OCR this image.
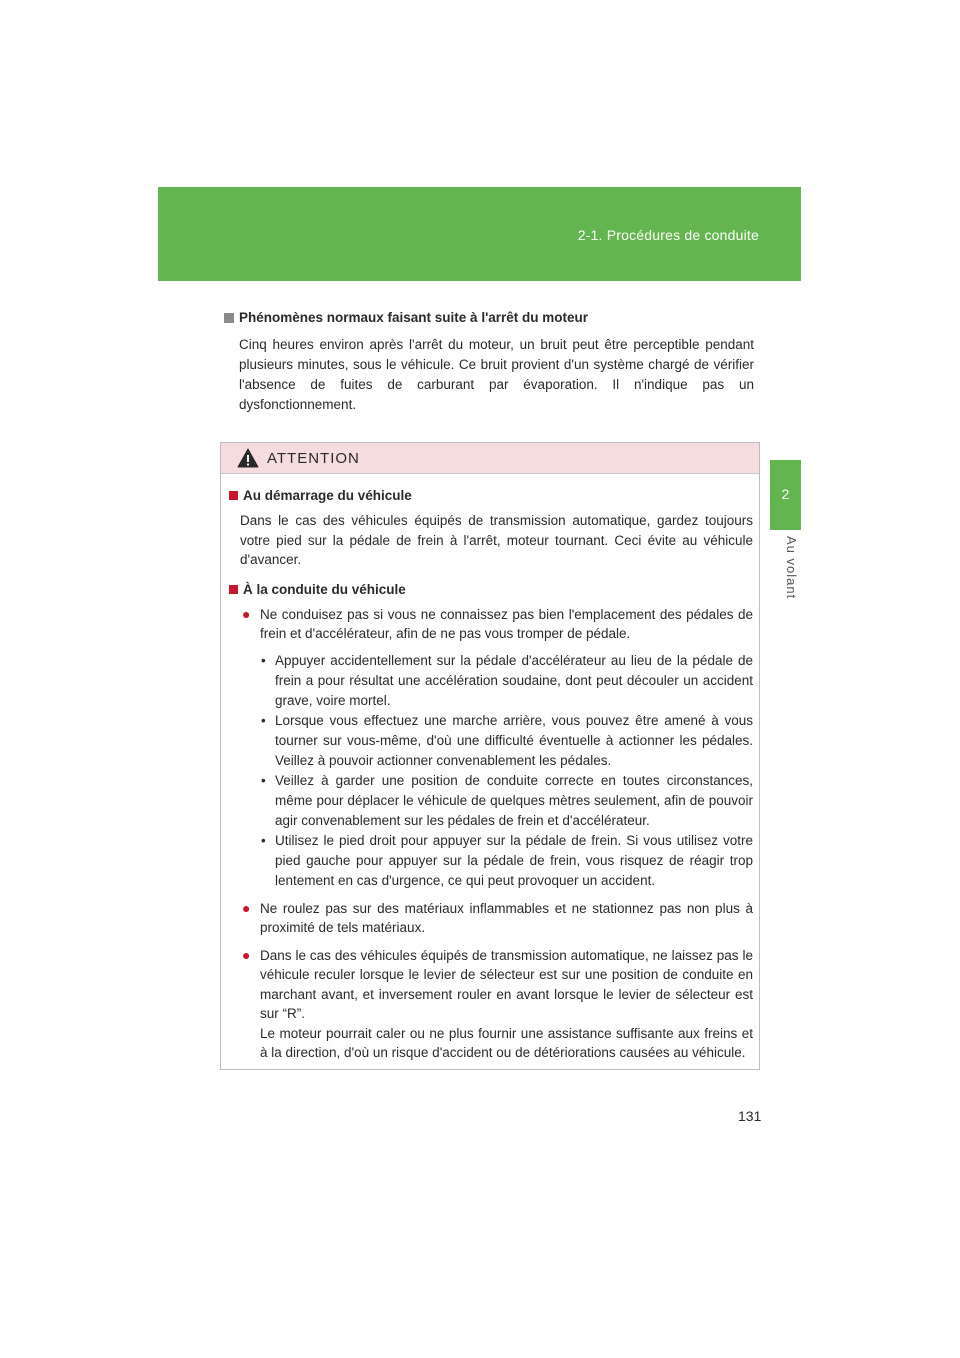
2-1. Procédures de conduite
2
Au volant
Phénomènes normaux faisant suite à l'arrêt du moteur
Cinq heures environ après l'arrêt du moteur, un bruit peut être perceptible pendant plusieurs minutes, sous le véhicule. Ce bruit provient d'un système chargé de vérifier l'absence de fuites de carburant par évaporation. Il n'indique pas un dysfonctionnement.
ATTENTION
Au démarrage du véhicule
Dans le cas des véhicules équipés de transmission automatique, gardez toujours votre pied sur la pédale de frein à l'arrêt, moteur tournant. Ceci évite au véhicule d'avancer.
À la conduite du véhicule
● Ne conduisez pas si vous ne connaissez pas bien l'emplacement des pédales de frein et d'accélérateur, afin de ne pas vous tromper de pédale.
• Appuyer accidentellement sur la pédale d'accélérateur au lieu de la pédale de frein a pour résultat une accélération soudaine, dont peut découler un accident grave, voire mortel.
• Lorsque vous effectuez une marche arrière, vous pouvez être amené à vous tourner sur vous-même, d'où une difficulté éventuelle à actionner les pédales. Veillez à pouvoir actionner convenablement les pédales.
• Veillez à garder une position de conduite correcte en toutes circonstances, même pour déplacer le véhicule de quelques mètres seulement, afin de pouvoir agir convenablement sur les pédales de frein et d'accélérateur.
• Utilisez le pied droit pour appuyer sur la pédale de frein. Si vous utilisez votre pied gauche pour appuyer sur la pédale de frein, vous risquez de réagir trop lentement en cas d'urgence, ce qui peut provoquer un accident.
● Ne roulez pas sur des matériaux inflammables et ne stationnez pas non plus à proximité de tels matériaux.
● Dans le cas des véhicules équipés de transmission automatique, ne laissez pas le véhicule reculer lorsque le levier de sélecteur est sur une position de conduite en marchant avant, et inversement rouler en avant lorsque le levier de sélecteur est sur “R”.
Le moteur pourrait caler ou ne plus fournir une assistance suffisante aux freins et à la direction, d'où un risque d'accident ou de détériorations causées au véhicule.
131
